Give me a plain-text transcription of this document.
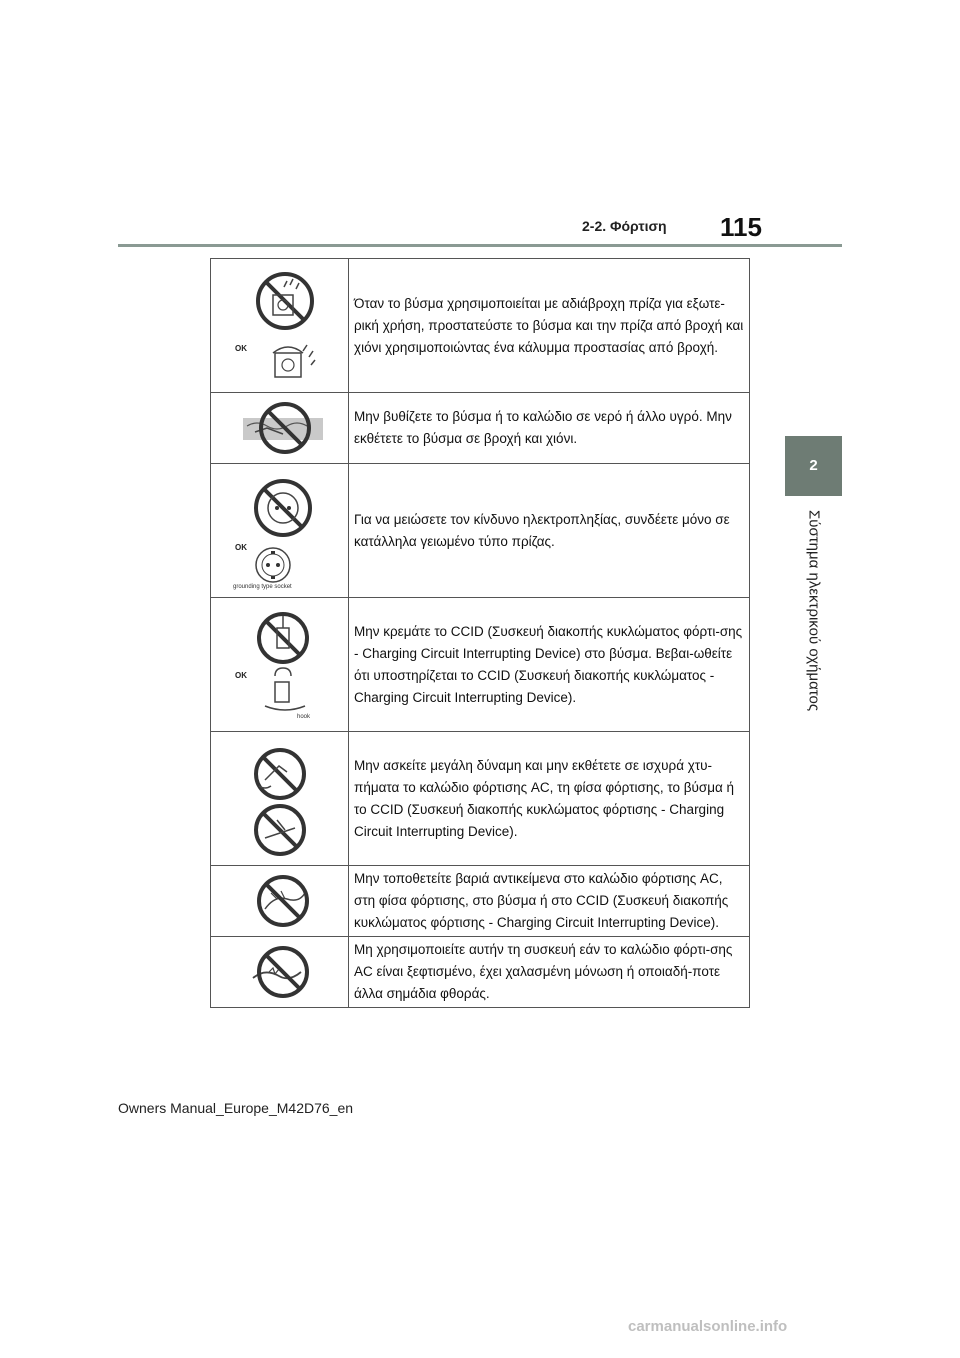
2-2. Φόρτιση 115
2
Σύστημα ηλεκτρικού οχήματος
OK	Όταν το βύσμα χρησιμοποιείται με αδιάβροχη πρίζα για εξωτε-ρική χρήση, προστατεύστε το βύσμα και την πρίζα από βροχή και χιόνι χρησιμοποιώντας ένα κάλυμμα προστασίας από βροχή.

	Μην βυθίζετε το βύσμα ή το καλώδιο σε νερό ή άλλο υγρό. Μην εκθέτετε το βύσμα σε βροχή και χιόνι.

OK
grounding type socket	Για να μειώσετε τον κίνδυνο ηλεκτροπληξίας, συνδέετε μόνο σε κατάλληλα γειωμένο τύπο πρίζας.

OK
hook	Μην κρεμάτε το CCID (Συσκευή διακοπής κυκλώματος φόρτι-σης - Charging Circuit Interrupting Device) στο βύσμα. Βεβαι-ωθείτε ότι υποστηρίζεται το CCID (Συσκευή διακοπής κυκλώματος - Charging Circuit Interrupting Device).

	Μην ασκείτε μεγάλη δύναμη και μην εκθέτετε σε ισχυρά χτυ-πήματα το καλώδιο φόρτισης AC, τη φίσα φόρτισης, το βύσμα ή το CCID (Συσκευή διακοπής κυκλώματος φόρτισης - Charging Circuit Interrupting Device).

	Μην τοποθετείτε βαριά αντικείμενα στο καλώδιο φόρτισης AC, στη φίσα φόρτισης, στο βύσμα ή στο CCID (Συσκευή διακοπής κυκλώματος φόρτισης - Charging Circuit Interrupting Device).

	Μη χρησιμοποιείτε αυτήν τη συσκευή εάν το καλώδιο φόρτι-σης AC είναι ξεφτισμένο, έχει χαλασμένη μόνωση ή οποιαδή-ποτε άλλα σημάδια φθοράς.
Owners Manual_Europe_M42D76_en
carmanualsonline.info
